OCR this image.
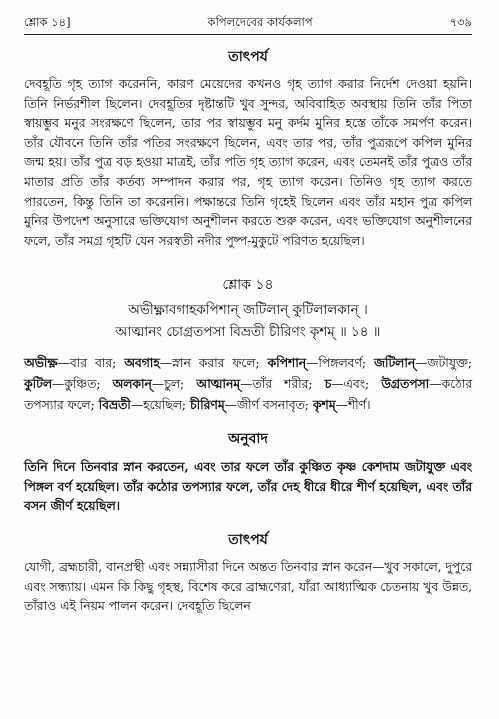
শ্লোক ১৪]	কপিলদেবের কার্যকলাপ	৭৩৯
তাৎপর্য
দেবহূতি গৃহ ত্যাগ করেননি, কারণ মেয়েদের কখনও গৃহ ত্যাগ করার নির্দেশ দেওয়া হয়নি। তিনি নির্ভরশীল ছিলেন। দেবহূতির দৃষ্টান্তটি খুব সুন্দর, অবিবাহিত অবস্থায় তিনি তাঁর পিতা স্বায়ম্ভুব মনুর সংরক্ষণে ছিলেন, তার পর স্বায়ম্ভুব মনু কর্দম মুনির হস্তে তাঁকে সমর্পণ করেন। তাঁর যৌবনে তিনি তাঁর পতির সংরক্ষণে ছিলেন, এবং তার পর, তাঁর পুত্ররূপে কপিল মুনির জন্ম হয়। তাঁর পুত্র বড় হওয়া মাত্রই, তাঁর পতি গৃহ ত্যাগ করেন, এবং তেমনই তাঁর পুত্রও তাঁর মাতার প্রতি তাঁর কর্তব্য সম্পাদন করার পর, গৃহ ত্যাগ করেন। তিনিও গৃহ ত্যাগ করতে পারতেন, কিন্তু তিনি তা করেননি। পক্ষান্তরে তিনি গৃহেই ছিলেন এবং তাঁর মহান পুত্র কপিল মুনির উপদেশ অনুসারে ভক্তিযোগ অনুশীলন করতে শুরু করেন, এবং ভক্তিযোগ অনুশীলনের ফলে, তাঁর সমগ্র গৃহটি যেন সরস্বতী নদীর পুষ্প-মুকুটে পরিণত হয়েছিল।
শ্লোক ১৪
অভীক্ষ্ণাবগাহকপিশান্ জটিলান্ কুটিলালকান্ ।
আত্মানং চোগ্রতপসা বিভ্রতী চীরিণং কৃশম্ ॥ ১৪ ॥
অভীক্ষ্ণ—বার বার; অবগাহ—স্নান করার ফলে; কপিশান্—পিঙ্গলবর্ণ; জটিলান্—জটাযুক্ত; কুটিল—কুঞ্চিত; অলকান্—চুল; আত্মানম্—তাঁর শরীর; চ—এবং; উগ্রতপসা—কঠোর তপস্যার ফলে; বিভ্রতী—হয়েছিল; চীরিণম্—জীর্ণ বসনাবৃত; কৃশম্—শীর্ণ।
অনুবাদ
তিনি দিনে তিনবার স্নান করতেন, এবং তার ফলে তাঁর কুঞ্চিত কৃষ্ণ কেশদাম জটাযুক্ত এবং পিঙ্গল বর্ণ হয়েছিল। তাঁর কঠোর তপস্যার ফলে, তাঁর দেহ ধীরে ধীরে শীর্ণ হয়েছিল, এবং তাঁর বসন জীর্ণ হয়েছিল।
তাৎপর্য
যোগী, ব্রহ্মচারী, বানপ্রস্থী এবং সন্ন্যাসীরা দিনে অন্তত তিনবার স্নান করেন—খুব সকালে, দুপুরে এবং সন্ধ্যায়। এমন কি কিছু গৃহস্থ, বিশেষ করে ব্রাহ্মণেরা, যাঁরা আধ্যাত্মিক চেতনায় খুব উন্নত, তাঁরাও এই নিয়ম পালন করেন। দেবহূতি ছিলেন
